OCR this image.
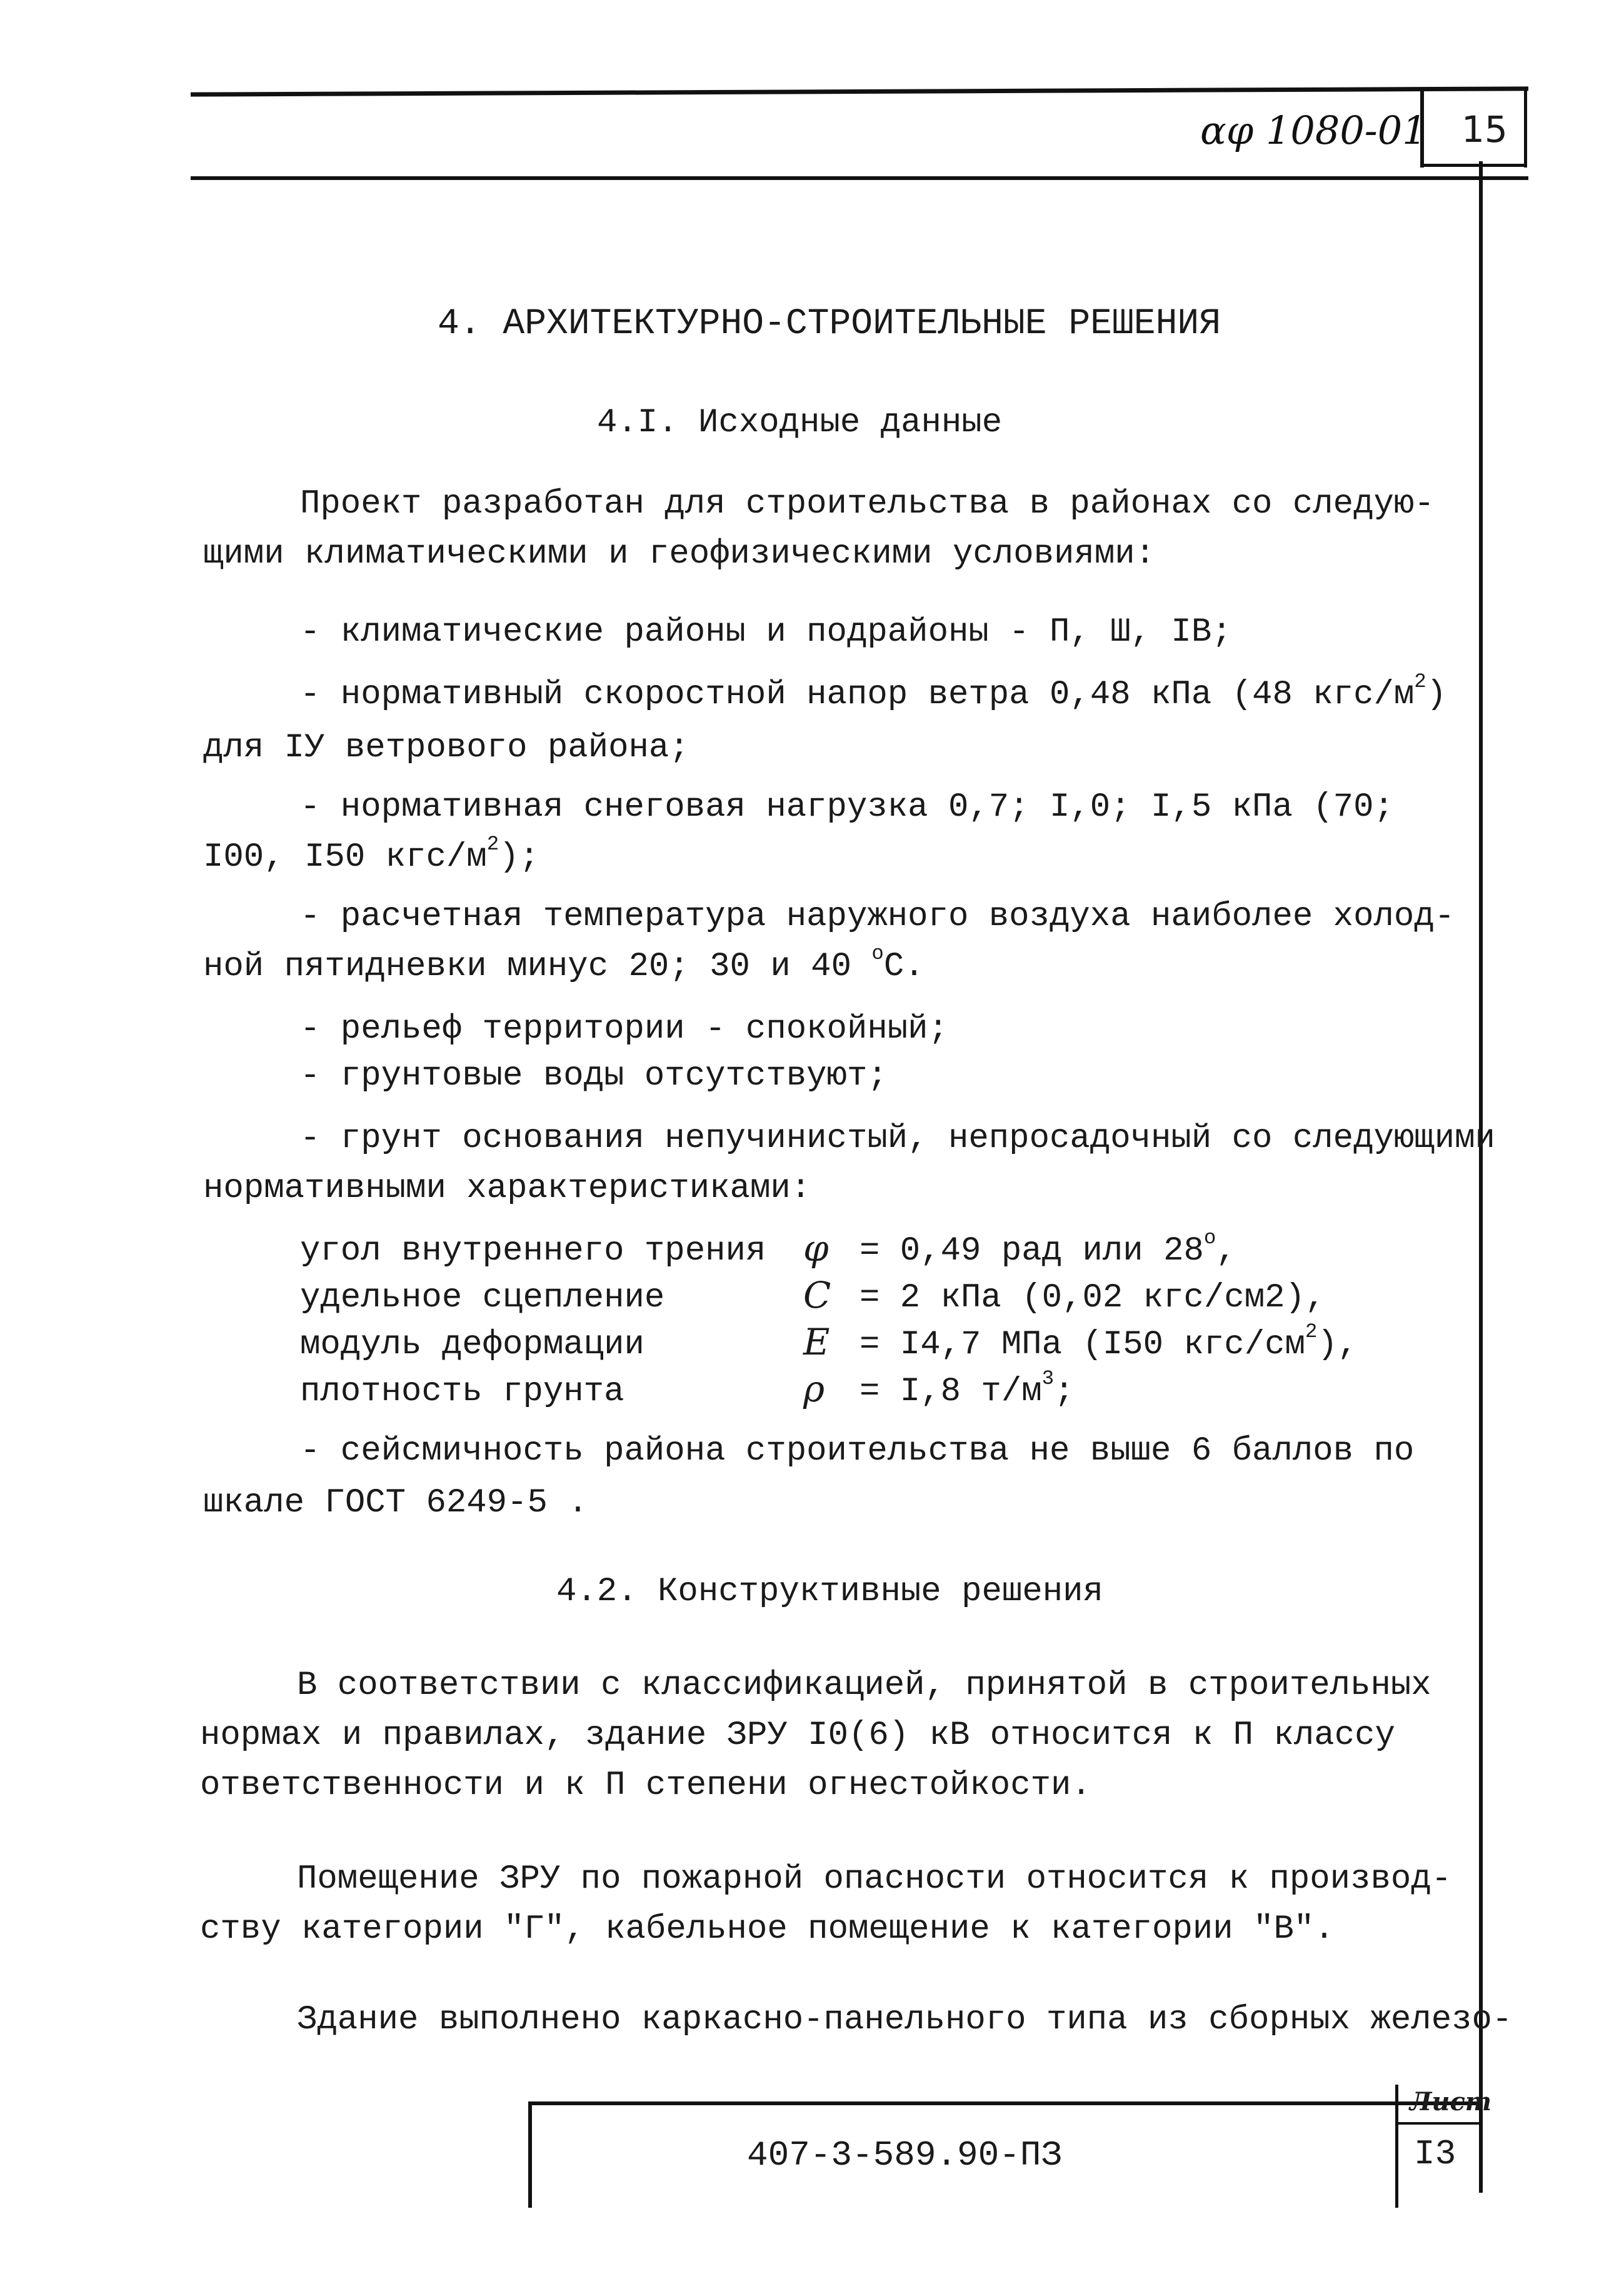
αφ 1080-01 15
4. АРХИТЕКТУРНО-СТРОИТЕЛЬНЫЕ РЕШЕНИЯ
4.I. Исходные данные
Проект разработан для строительства в районах со следую-
щими климатическими и геофизическими условиями:
- климатические районы и подрайоны - П, Ш, IВ;
- нормативный скоростной напор ветра 0,48 кПа (48 кгс/$м^2$)
для IУ ветрового района;
- нормативная снеговая нагрузка 0,7; I,0; I,5 кПа (70;
I00, I50 кгс/$м^2$);
- расчетная температура наружного воздуха наиболее холод-
ной пятидневки минус 20; 30 и 40 $^о$С.
- рельеф территории - спокойный;
- грунтовые воды отсутствуют;
- грунт основания непучинистый, непросадочный со следующими
нормативными характеристиками:
угол внутреннего трения φ = 0,49 рад или $28^о$,
удельное сцепление	С = 2 кПа (0,02 кгс/см2),
модуль деформации	Е = I4,7 МПа (I50 кгс/$см^2$),
плотность грунта	ρ = I,8 $т/м^3$;
- сейсмичность района строительства не выше 6 баллов по
шкале ГОСТ 6249-5 .
4.2. Конструктивные решения
В соответствии с классификацией, принятой в строительных
нормах и правилах, здание ЗРУ I0(6) кВ относится к П классу
ответственности и к П степени огнестойкости.
Помещение ЗРУ по пожарной опасности относится к производ-
ству категории "Г", кабельное помещение к категории "В".
Здание выполнено каркасно-панельного типа из сборных железо-
407-3-589.90-ПЗ
Лист
I3
